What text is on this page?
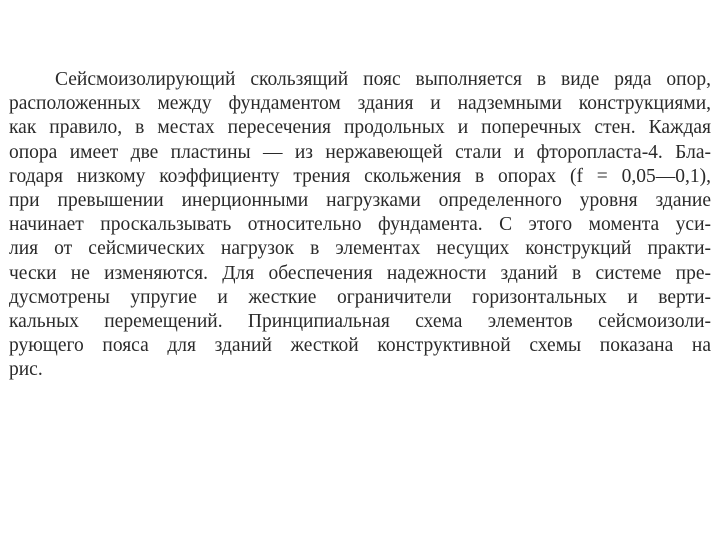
Сейсмоизолирующий скользящий пояс выполняется в виде ряда опор,
расположенных между фундаментом здания и надземными конструкциями,
как правило, в местах пересечения продольных и поперечных стен. Каждая
опора имеет две пластины — из нержавеющей стали и фторопласта-4. Бла-
годаря низкому коэффициенту трения скольжения в опорах (f = 0,05—0,1),
при превышении инерционными нагрузками определенного уровня здание
начинает проскальзывать относительно фундамента. С этого момента уси-
лия от сейсмических нагрузок в элементах несущих конструкций практи-
чески не изменяются. Для обеспечения надежности зданий в системе пре-
дусмотрены упругие и жесткие ограничители горизонтальных и верти-
кальных перемещений. Принципиальная схема элементов сейсмоизоли-
рующего пояса для зданий жесткой конструктивной схемы показана на
рис.
